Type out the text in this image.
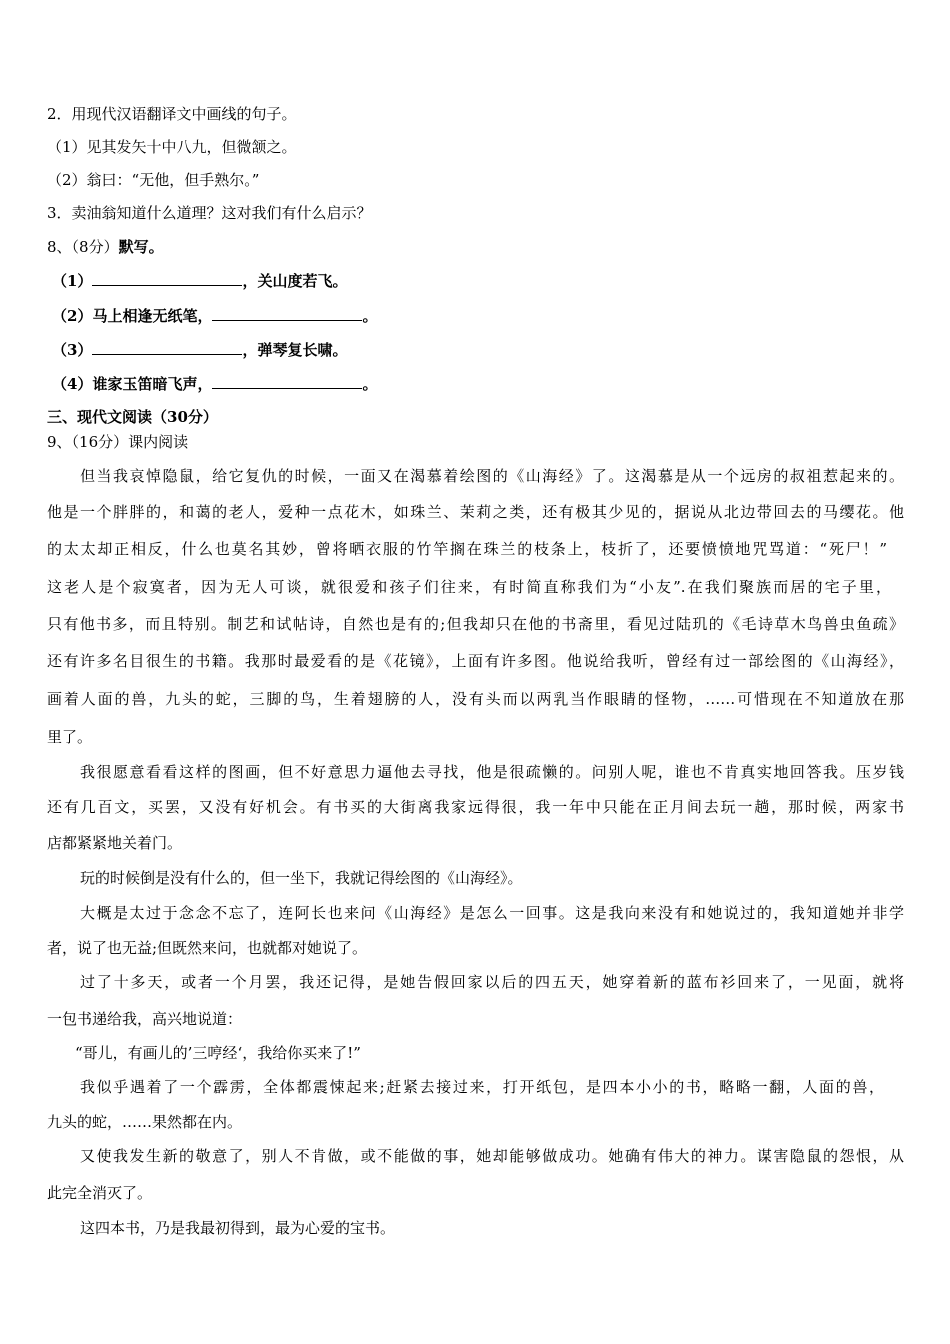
2．用现代汉语翻译文中画线的句子。
（1）见其发矢十中八九，但微颔之。
（2）翁曰：“无他，但手熟尔。”
3．卖油翁知道什么道理？这对我们有什么启示？
8、（8分）默写。
（1）	，关山度若飞。
（2）马上相逢无纸笔，	。
（3）	，弹琴复长啸。
（4）谁家玉笛暗飞声，	。
三、现代文阅读（30分）
9、（16分）课内阅读
但当我哀悼隐鼠，给它复仇的时候，一面又在渴慕着绘图的《山海经》了。这渴慕是从一个远房的叔祖惹起来的。
他是一个胖胖的，和蔼的老人，爱种一点花木，如珠兰、茉莉之类，还有极其少见的，据说从北边带回去的马缨花。他
的太太却正相反，什么也莫名其妙，曾将晒衣服的竹竿搁在珠兰的枝条上，枝折了，还要愤愤地咒骂道：“死尸！”
这老人是个寂寞者，因为无人可谈，就很爱和孩子们往来，有时简直称我们为“小友”.在我们聚族而居的宅子里，
只有他书多，而且特别。制艺和试帖诗，自然也是有的;但我却只在他的书斋里，看见过陆玑的《毛诗草木鸟兽虫鱼疏》
还有许多名目很生的书籍。我那时最爱看的是《花镜》，上面有许多图。他说给我听，曾经有过一部绘图的《山海经》，
画着人面的兽，九头的蛇，三脚的鸟，生着翅膀的人，没有头而以两乳当作眼睛的怪物，……可惜现在不知道放在那
里了。
我很愿意看看这样的图画，但不好意思力逼他去寻找，他是很疏懒的。问别人呢，谁也不肯真实地回答我。压岁钱
还有几百文，买罢，又没有好机会。有书买的大街离我家远得很，我一年中只能在正月间去玩一趟，那时候，两家书
店都紧紧地关着门。
玩的时候倒是没有什么的，但一坐下，我就记得绘图的《山海经》。
大概是太过于念念不忘了，连阿长也来问《山海经》是怎么一回事。这是我向来没有和她说过的，我知道她并非学
者，说了也无益;但既然来问，也就都对她说了。
过了十多天，或者一个月罢，我还记得，是她告假回家以后的四五天，她穿着新的蓝布衫回来了，一见面，就将
一包书递给我，高兴地说道：
“哥儿，有画儿的’三哼经‘，我给你买来了!”
我似乎遇着了一个霹雳，全体都震悚起来;赶紧去接过来，打开纸包，是四本小小的书，略略一翻，人面的兽，
九头的蛇，……果然都在内。
又使我发生新的敬意了，别人不肯做，或不能做的事，她却能够做成功。她确有伟大的神力。谋害隐鼠的怨恨，从
此完全消灭了。
这四本书，乃是我最初得到，最为心爱的宝书。
